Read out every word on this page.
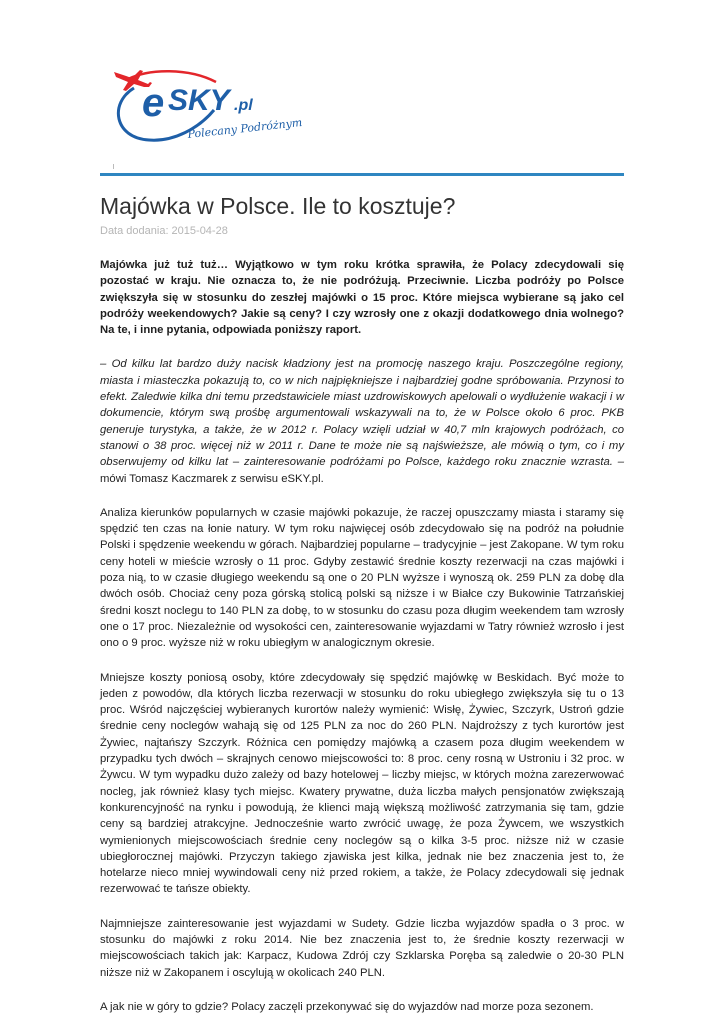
e SKY .pl
Polecany Podróżnym
Majówka w Polsce. Ile to kosztuje?
Data dodania: 2015-04-28

Majówka już tuż tuż… Wyjątkowo w tym roku krótka sprawiła, że Polacy zdecydowali się pozostać w kraju. Nie oznacza to, że nie podróżują. Przeciwnie. Liczba podróży po Polsce zwiększyła się w stosunku do zeszłej majówki o 15 proc. Które miejsca wybierane są jako cel podróży weekendowych? Jakie są ceny? I czy wzrosły one z okazji dodatkowego dnia wolnego? Na te, i inne pytania, odpowiada poniższy raport.

– Od kilku lat bardzo duży nacisk kładziony jest na promocję naszego kraju. Poszczególne regiony, miasta i miasteczka pokazują to, co w nich najpiękniejsze i najbardziej godne spróbowania. Przynosi to efekt. Zaledwie kilka dni temu przedstawiciele miast uzdrowiskowych apelowali o wydłużenie wakacji i w dokumencie, którym swą prośbę argumentowali wskazywali na to, że w Polsce około 6 proc. PKB generuje turystyka, a także, że w 2012 r. Polacy wzięli udział w 40,7 mln krajowych podróżach, co stanowi o 38 proc. więcej niż w 2011 r. Dane te może nie są najświeższe, ale mówią o tym, co i my obserwujemy od kilku lat – zainteresowanie podróżami po Polsce, każdego roku znacznie wzrasta. – mówi Tomasz Kaczmarek z serwisu eSKY.pl.

Analiza kierunków popularnych w czasie majówki pokazuje, że raczej opuszczamy miasta i staramy się spędzić ten czas na łonie natury. W tym roku najwięcej osób zdecydowało się na podróż na południe Polski i spędzenie weekendu w górach. Najbardziej popularne – tradycyjnie – jest Zakopane. W tym roku ceny hoteli w mieście wzrosły o 11 proc. Gdyby zestawić średnie koszty rezerwacji na czas majówki i poza nią, to w czasie długiego weekendu są one o 20 PLN wyższe i wynoszą ok. 259 PLN za dobę dla dwóch osób. Chociaż ceny poza górską stolicą polski są niższe i w Białce czy Bukowinie Tatrzańskiej średni koszt noclegu to 140 PLN za dobę, to w stosunku do czasu poza długim weekendem tam wzrosły one o 17 proc. Niezależnie od wysokości cen, zainteresowanie wyjazdami w Tatry również wzrosło i jest ono o 9 proc. wyższe niż w roku ubiegłym w analogicznym okresie.

Mniejsze koszty poniosą osoby, które zdecydowały się spędzić majówkę w Beskidach. Być może to jeden z powodów, dla których liczba rezerwacji w stosunku do roku ubiegłego zwiększyła się tu o 13 proc. Wśród najczęściej wybieranych kurortów należy wymienić: Wisłę, Żywiec, Szczyrk, Ustroń gdzie średnie ceny noclegów wahają się od 125 PLN za noc do 260 PLN. Najdroższy z tych kurortów jest Żywiec, najtańszy Szczyrk. Różnica cen pomiędzy majówką a czasem poza długim weekendem w przypadku tych dwóch – skrajnych cenowo miejscowości to: 8 proc. ceny rosną w Ustroniu i 32 proc. w Żywcu. W tym wypadku dużo zależy od bazy hotelowej – liczby miejsc, w których można zarezerwować nocleg, jak również klasy tych miejsc. Kwatery prywatne, duża liczba małych pensjonatów zwiększają konkurencyjność na rynku i powodują, że klienci mają większą możliwość zatrzymania się tam, gdzie ceny są bardziej atrakcyjne. Jednocześnie warto zwrócić uwagę, że poza Żywcem, we wszystkich wymienionych miejscowościach średnie ceny noclegów są o kilka 3-5 proc. niższe niż w czasie ubiegłorocznej majówki. Przyczyn takiego zjawiska jest kilka, jednak nie bez znaczenia jest to, że hotelarze nieco mniej wywindowali ceny niż przed rokiem, a także, że Polacy zdecydowali się jednak rezerwować te tańsze obiekty.

Najmniejsze zainteresowanie jest wyjazdami w Sudety. Gdzie liczba wyjazdów spadła o 3 proc. w stosunku do majówki z roku 2014. Nie bez znaczenia jest to, że średnie koszty rezerwacji w miejscowościach takich jak: Karpacz, Kudowa Zdrój czy Szklarska Poręba są zaledwie o 20-30 PLN niższe niż w Zakopanem i oscylują w okolicach 240 PLN.

A jak nie w góry to gdzie? Polacy zaczęli przekonywać się do wyjazdów nad morze poza sezonem.
